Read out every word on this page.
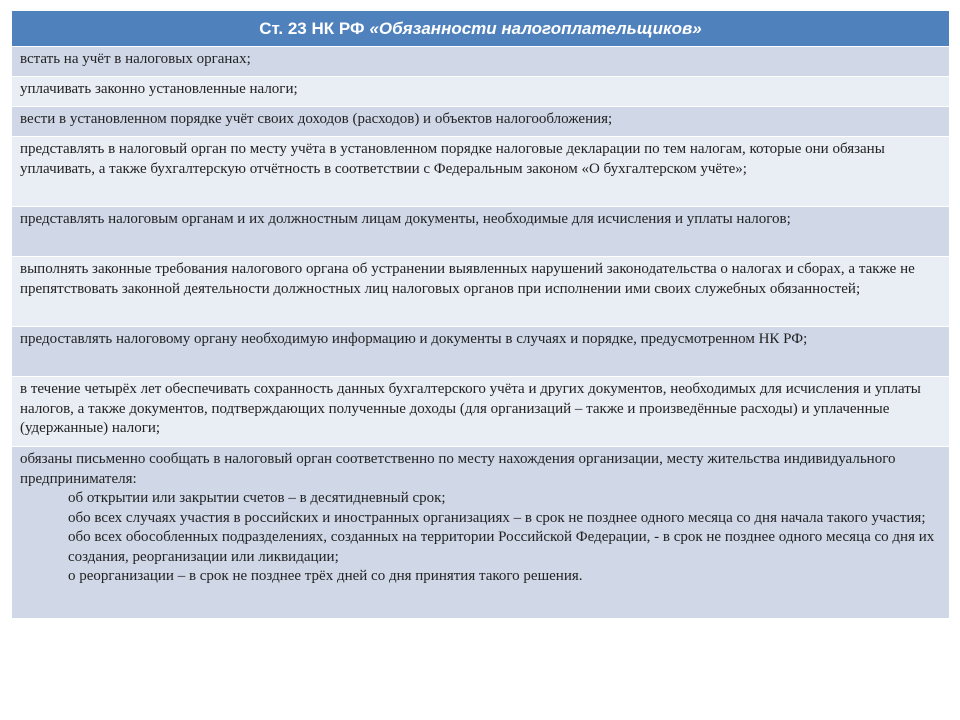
Ст. 23 НК РФ «Обязанности налогоплательщиков»
встать на учёт в налоговых органах;
уплачивать законно установленные налоги;
вести в установленном порядке учёт своих доходов (расходов) и объектов налогообложения;
представлять в налоговый орган по месту учёта в установленном порядке налоговые декларации по тем налогам, которые они обязаны уплачивать, а также бухгалтерскую отчётность в соответствии с Федеральным законом «О бухгалтерском учёте»;
представлять налоговым органам и их должностным лицам документы, необходимые для исчисления и уплаты налогов;
выполнять законные требования налогового органа об устранении выявленных нарушений законодательства о налогах и сборах, а также не препятствовать законной деятельности должностных лиц налоговых органов при исполнении ими своих служебных обязанностей;
предоставлять налоговому органу необходимую информацию и документы в случаях и порядке, предусмотренном НК РФ;
в течение четырёх лет обеспечивать сохранность данных бухгалтерского учёта и других документов, необходимых для исчисления и уплаты налогов, а также документов, подтверждающих полученные доходы (для организаций – также и произведённые расходы) и уплаченные (удержанные) налоги;
обязаны письменно сообщать в налоговый орган соответственно по месту нахождения организации, месту жительства индивидуального предпринимателя:
об открытии или закрытии счетов – в десятидневный срок;
обо всех случаях участия в российских и иностранных организациях – в срок не позднее одного месяца со дня начала такого участия;
обо всех обособленных подразделениях, созданных на территории Российской Федерации, - в срок не позднее одного месяца со дня их создания, реорганизации или ликвидации;
о реорганизации – в срок не позднее трёх дней со дня принятия такого решения.
